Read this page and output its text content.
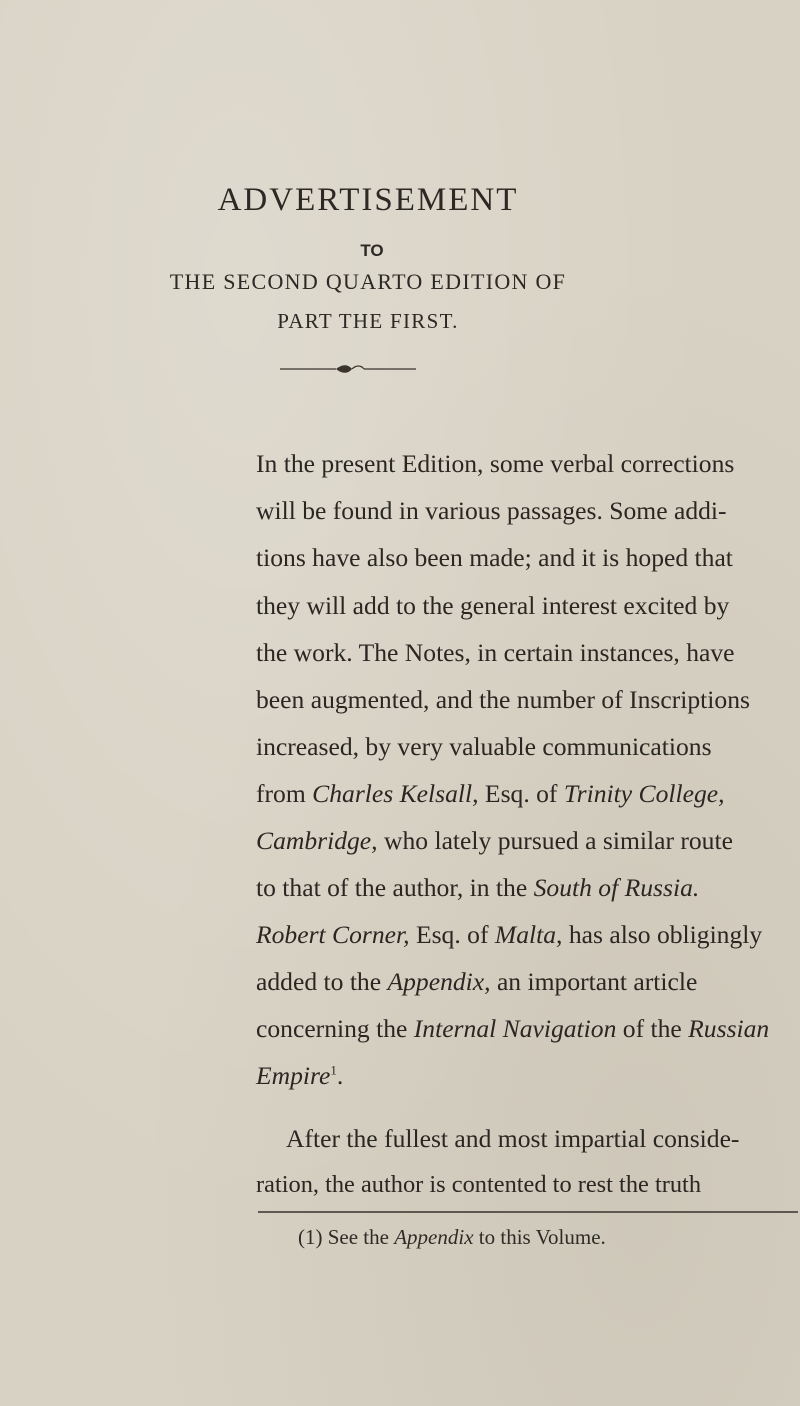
ADVERTISEMENT
TO
THE SECOND QUARTO EDITION OF
PART THE FIRST.
In the present Edition, some verbal corrections
will be found in various passages. Some addi-
tions have also been made; and it is hoped that
they will add to the general interest excited by
the work. The Notes, in certain instances, have
been augmented, and the number of Inscriptions
increased, by very valuable communications
from Charles Kelsall, Esq. of Trinity College,
Cambridge, who lately pursued a similar route
to that of the author, in the South of Russia.
Robert Corner, Esq. of Malta, has also obligingly
added to the Appendix, an important article
concerning the Internal Navigation of the Russian
Empire$^1$.
After the fullest and most impartial conside-
ration, the author is contented to rest the truth
(1) See the Appendix to this Volume.
